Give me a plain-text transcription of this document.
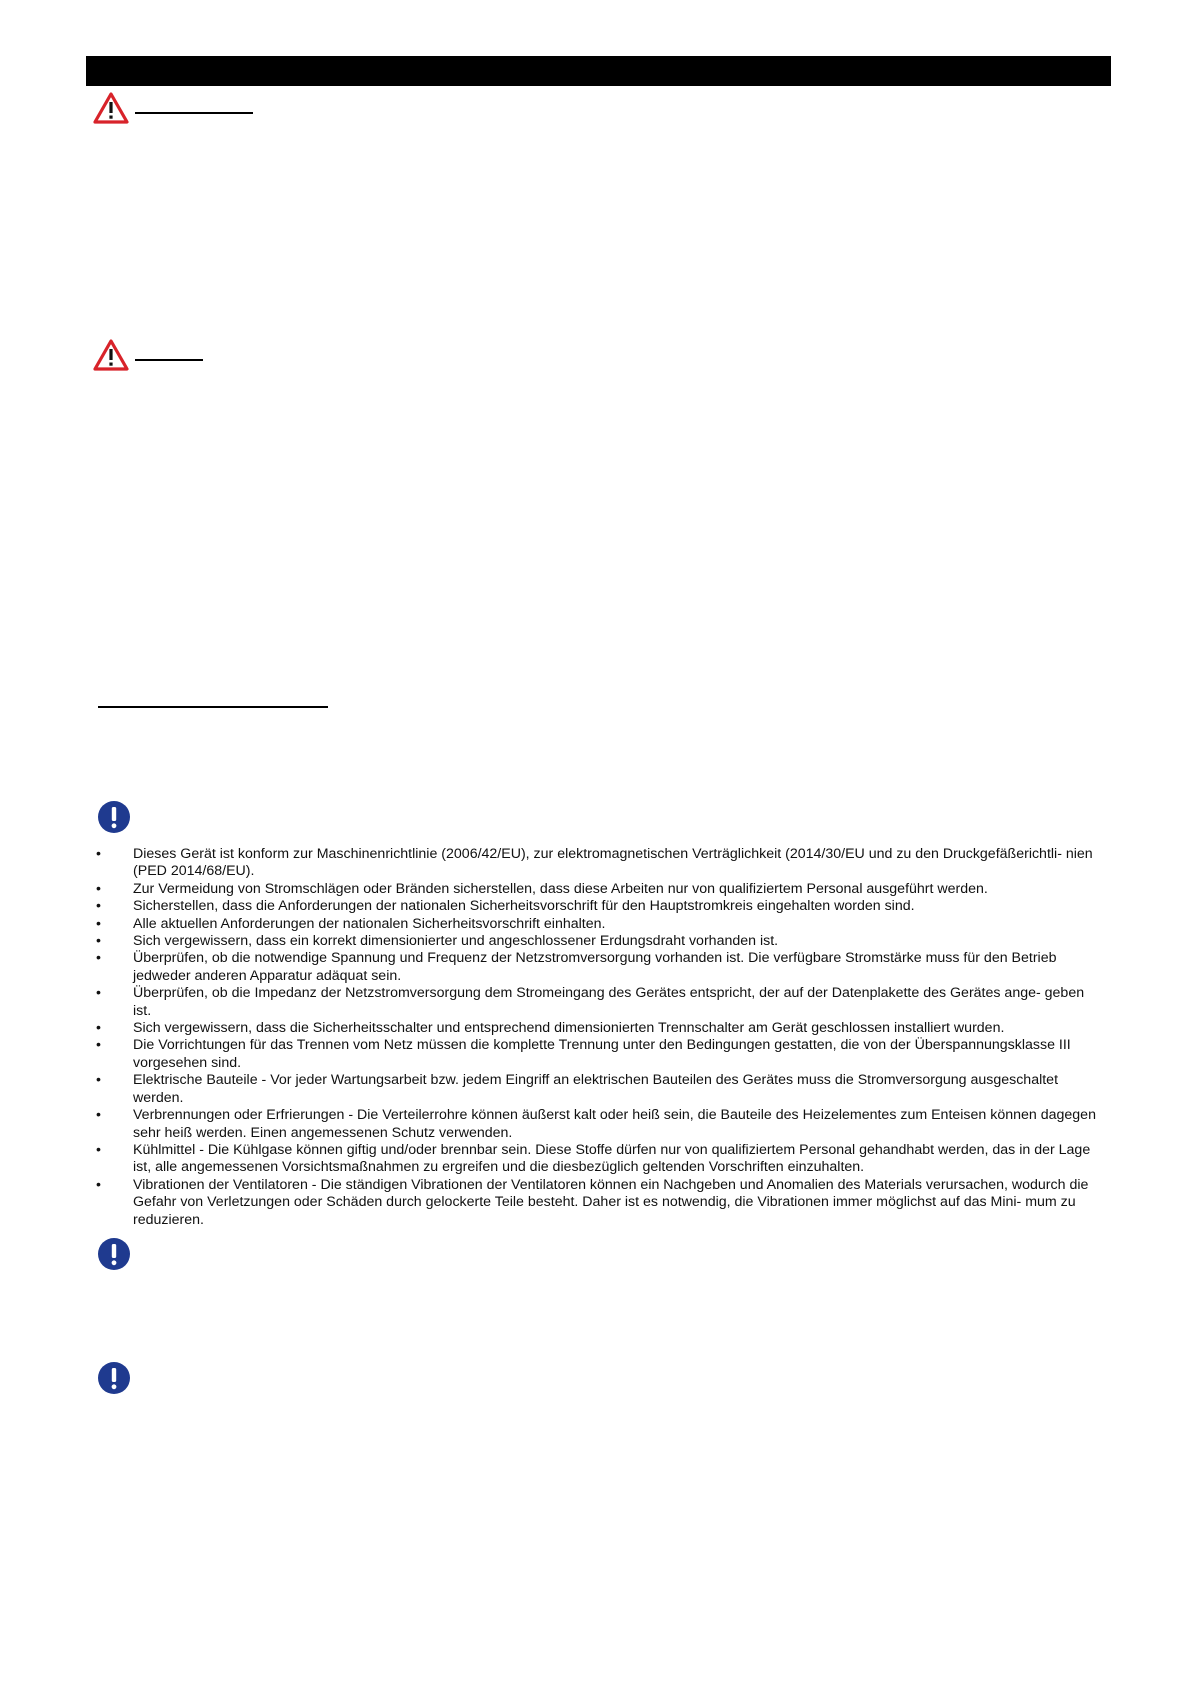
•	Dieses Gerät ist konform zur Maschinenrichtlinie (2006/42/EU), zur elektromagnetischen Verträglichkeit (2014/30/EU und zu den Druckgefäßerichtli- nien (PED 2014/68/EU).
•	Zur Vermeidung von Stromschlägen oder Bränden sicherstellen, dass diese Arbeiten nur von qualifiziertem Personal ausgeführt werden.
•	Sicherstellen, dass die Anforderungen der nationalen Sicherheitsvorschrift für den Hauptstromkreis eingehalten worden sind.
•	Alle aktuellen Anforderungen der nationalen Sicherheitsvorschrift einhalten.
•	Sich vergewissern, dass ein korrekt dimensionierter und angeschlossener Erdungsdraht vorhanden ist.
•	Überprüfen, ob die notwendige Spannung und Frequenz der Netzstromversorgung vorhanden ist. Die verfügbare Stromstärke muss für den Betrieb jedweder anderen Apparatur adäquat sein.
•	Überprüfen, ob die Impedanz der Netzstromversorgung dem Stromeingang des Gerätes entspricht, der auf der Datenplakette des Gerätes ange- geben ist.
•	Sich vergewissern, dass die Sicherheitsschalter und entsprechend dimensionierten Trennschalter am Gerät geschlossen installiert wurden.
•	Die Vorrichtungen für das Trennen vom Netz müssen die komplette Trennung unter den Bedingungen gestatten, die von der Überspannungsklasse III vorgesehen sind.
•	Elektrische Bauteile - Vor jeder Wartungsarbeit bzw. jedem Eingriff an elektrischen Bauteilen des Gerätes muss die Stromversorgung ausgeschaltet werden.
•	Verbrennungen oder Erfrierungen - Die Verteilerrohre können äußerst kalt oder heiß sein, die Bauteile des Heizelementes zum Enteisen können dagegen sehr heiß werden. Einen angemessenen Schutz verwenden.
•	Kühlmittel - Die Kühlgase können giftig und/oder brennbar sein. Diese Stoffe dürfen nur von qualifiziertem Personal gehandhabt werden, das in der Lage ist, alle angemessenen Vorsichtsmaßnahmen zu ergreifen und die diesbezüglich geltenden Vorschriften einzuhalten.
•	Vibrationen der Ventilatoren - Die ständigen Vibrationen der Ventilatoren können ein Nachgeben und Anomalien des Materials verursachen, wodurch die Gefahr von Verletzungen oder Schäden durch gelockerte Teile besteht. Daher ist es notwendig, die Vibrationen immer möglichst auf das Mini- mum zu reduzieren.
